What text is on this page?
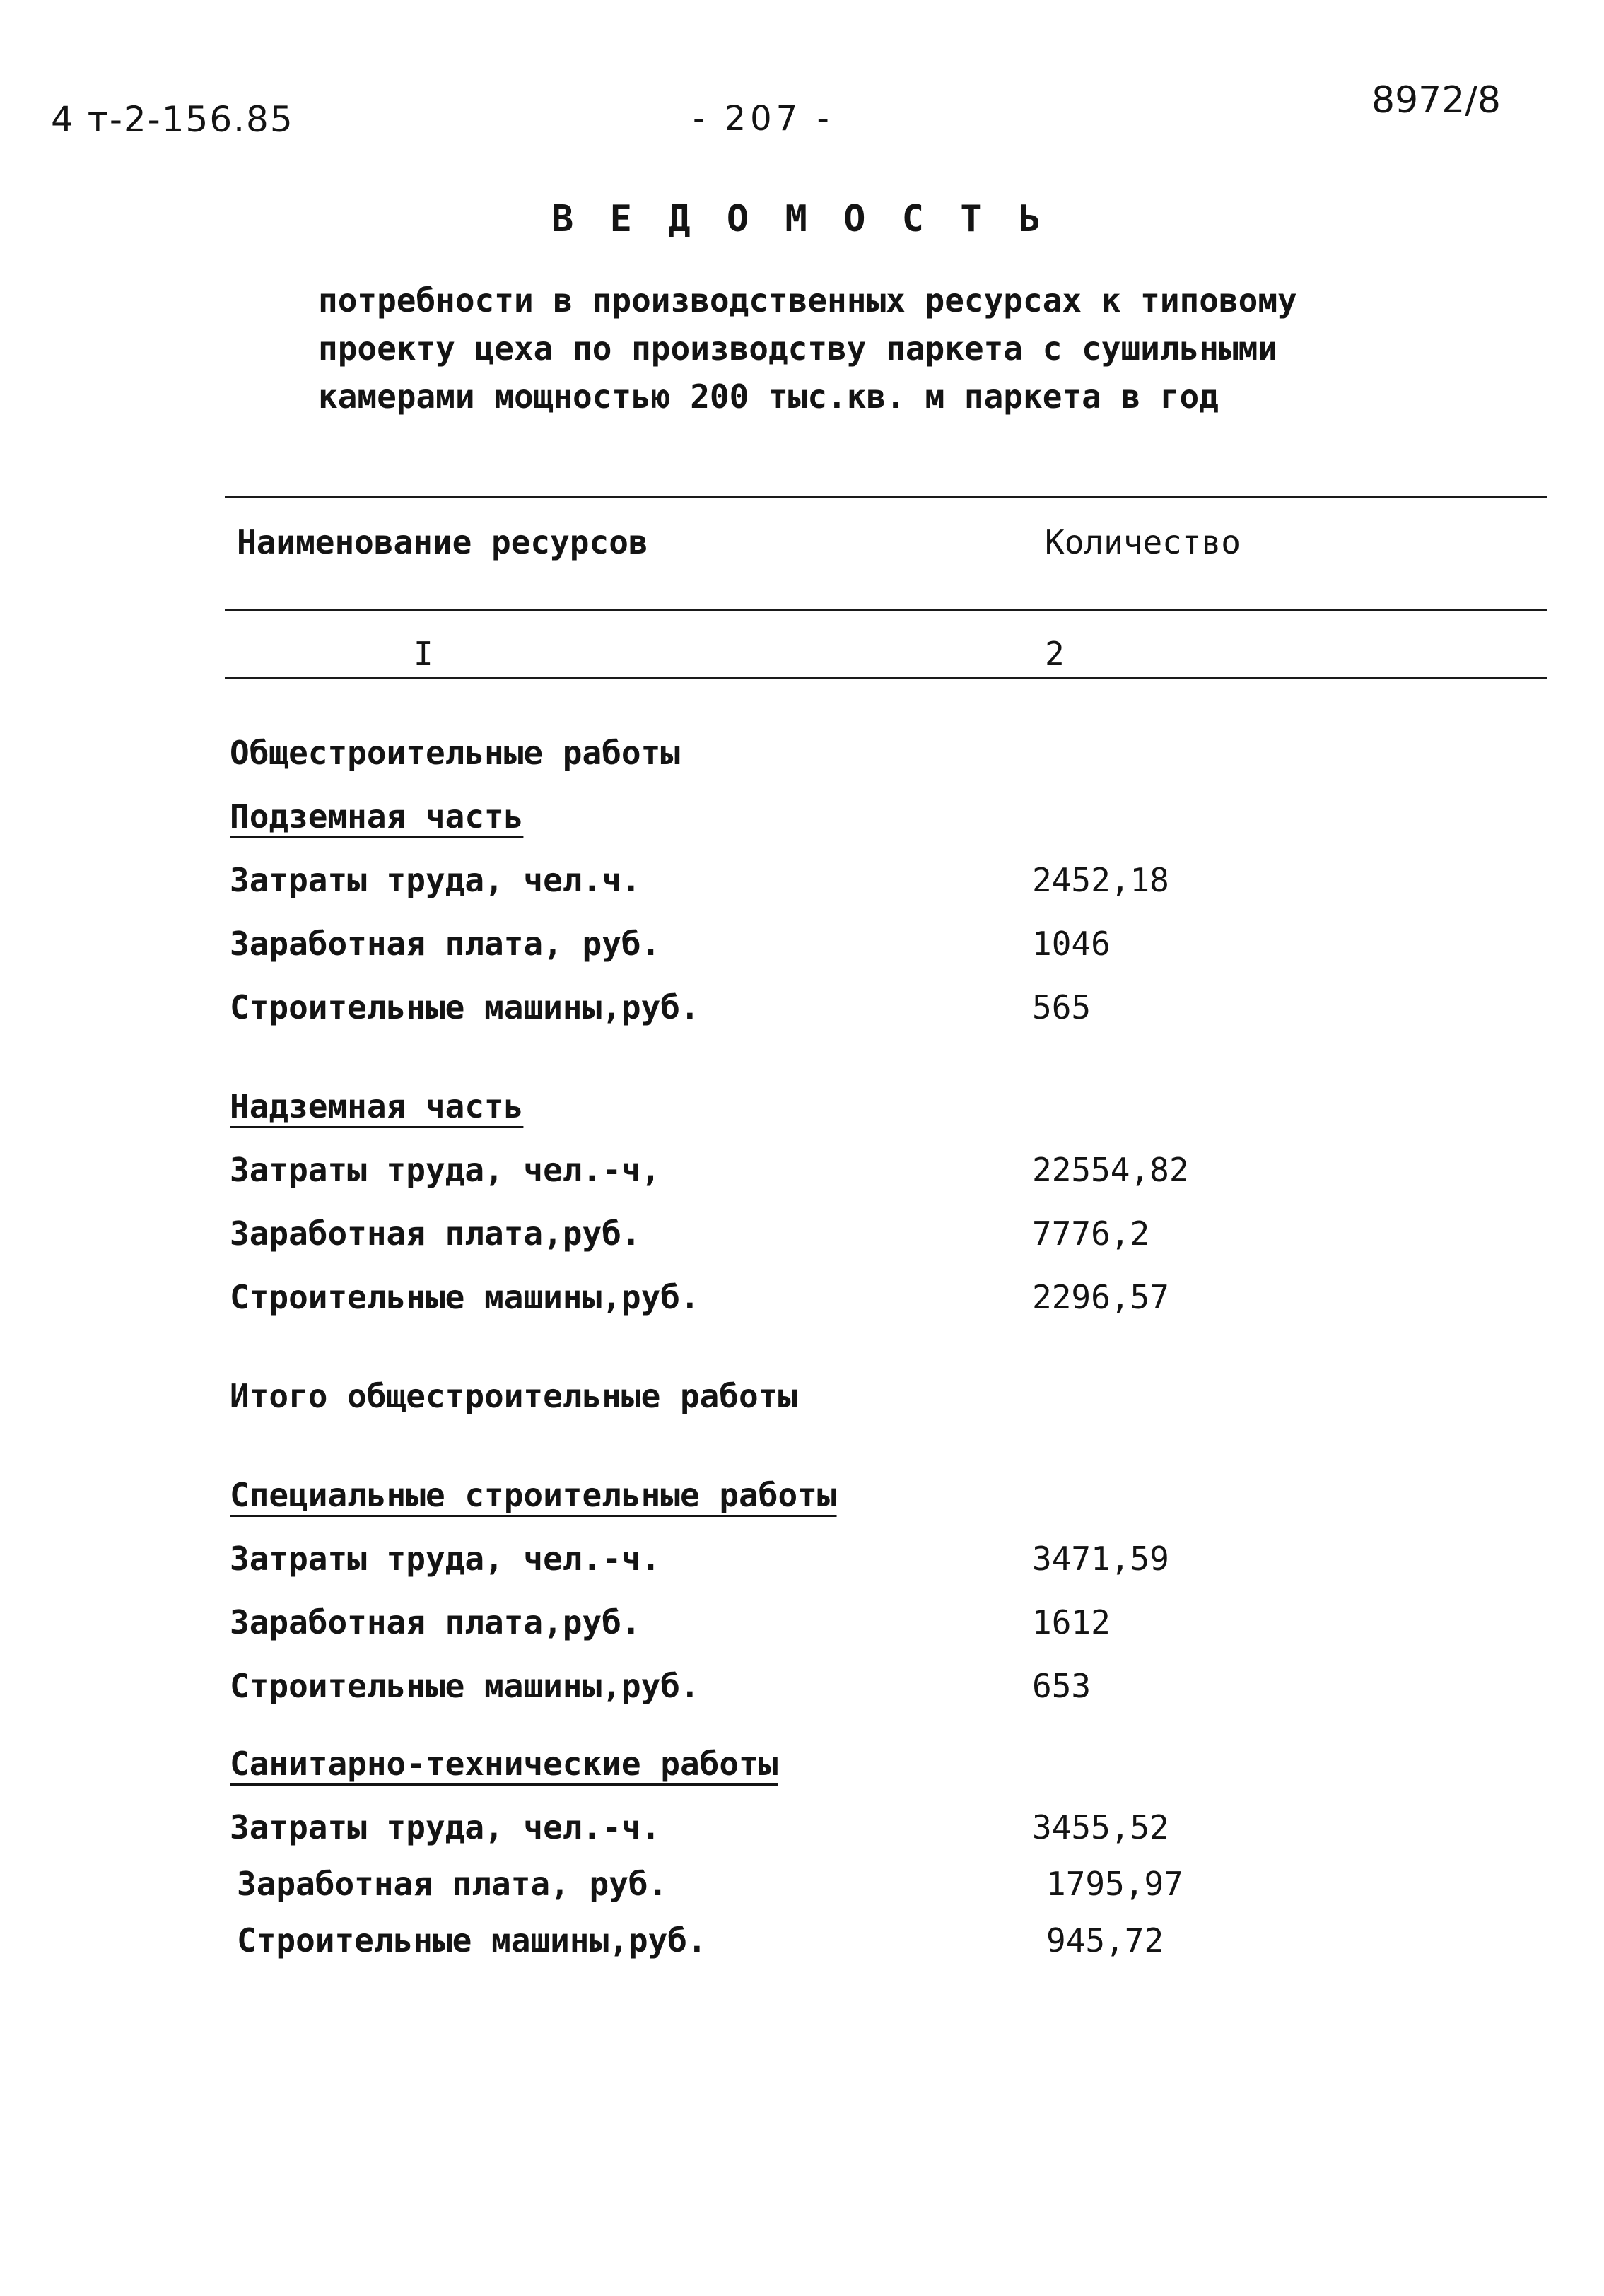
4 т-2-156.85	- 207 -	8972/8
В Е Д О М О С Т Ь
потребности в производственных ресурсах к типовому
проекту цеха по производству паркета с сушильными
камерами мощностью 200 тыс.кв. м паркета в год
Наименование ресурсов	Количество
I	2
Общестроительные работы
Подземная часть
Затраты труда, чел.ч.	2452,18
Заработная плата, руб.	1046
Строительные машины,руб.	565
Надземная часть
Затраты труда, чел.-ч,	22554,82
Заработная плата,руб.	7776,2
Строительные машины,руб.	2296,57
Итого общестроительные работы
Специальные строительные работы
Затраты труда, чел.-ч.	3471,59
Заработная плата,руб.	1612
Строительные машины,руб.	653
Санитарно-технические работы
Затраты труда, чел.-ч.	3455,52
Заработная плата, руб.	1795,97
Строительные машины,руб.	945,72
